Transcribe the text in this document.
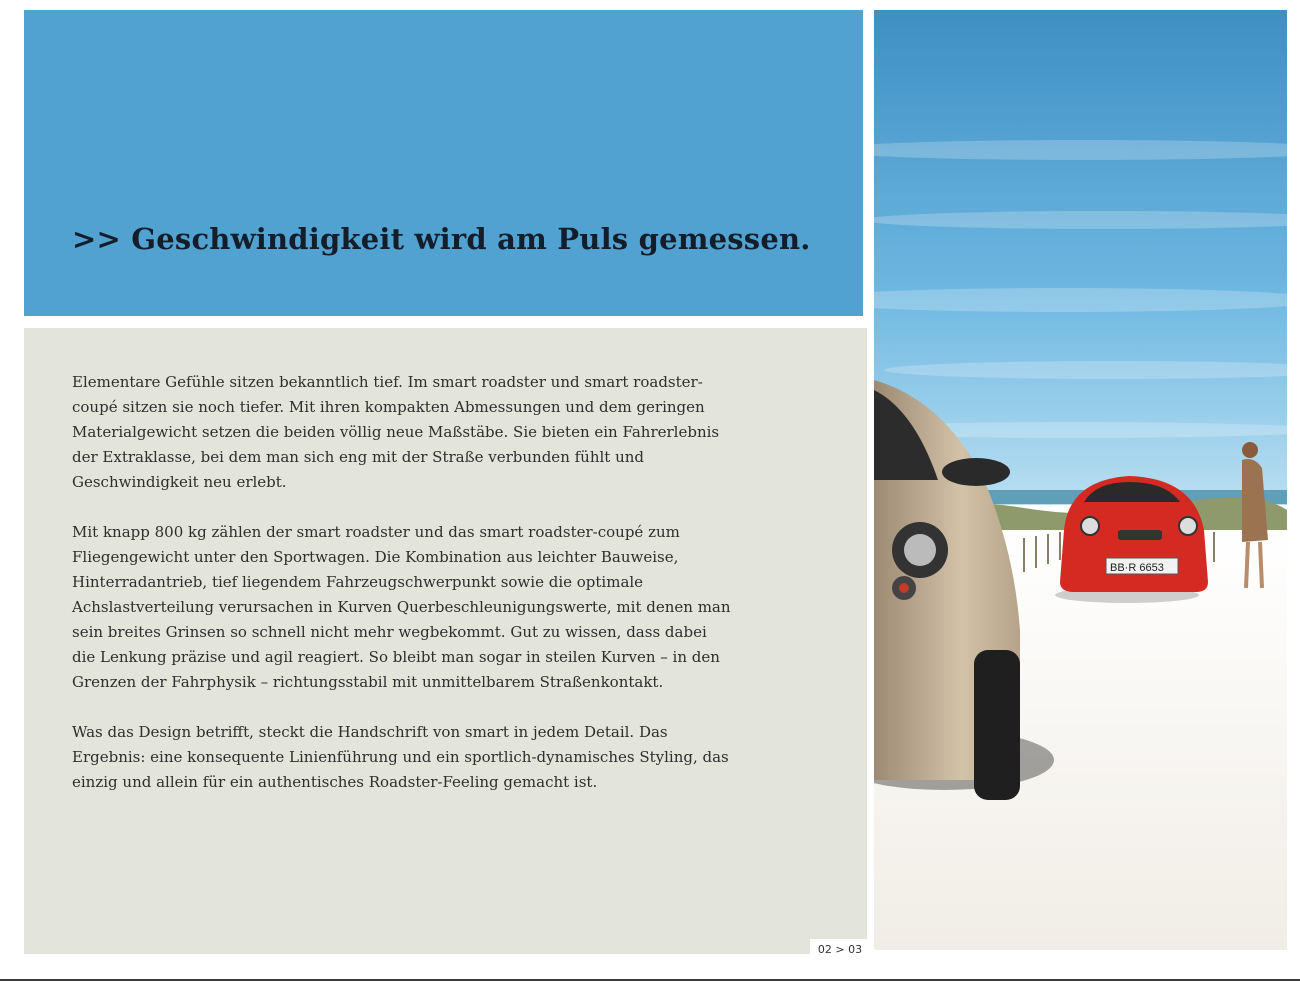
>> Geschwindigkeit wird am Puls gemessen.

Elementare Gefühle sitzen bekanntlich tief. Im smart roadster und smart roadster-coupé sitzen sie noch tiefer. Mit ihren kompakten Abmessungen und dem geringen Materialgewicht setzen die beiden völlig neue Maßstäbe. Sie bieten ein Fahrerlebnis der Extraklasse, bei dem man sich eng mit der Straße verbunden fühlt und Geschwindigkeit neu erlebt.

Mit knapp 800 kg zählen der smart roadster und das smart roadster-coupé zum Fliegengewicht unter den Sportwagen. Die Kombination aus leichter Bauweise, Hinterradantrieb, tief liegendem Fahrzeugschwerpunkt sowie die optimale Achslastverteilung verursachen in Kurven Querbeschleunigungswerte, mit denen man sein breites Grinsen so schnell nicht mehr wegbekommt. Gut zu wissen, dass dabei die Lenkung präzise und agil reagiert. So bleibt man sogar in steilen Kurven – in den Grenzen der Fahrphysik – richtungsstabil mit unmittelbarem Straßenkontakt.

Was das Design betrifft, steckt die Handschrift von smart in jedem Detail. Das Ergebnis: eine konsequente Linienführung und ein sportlich-dynamisches Styling, das einzig und allein für ein authentisches Roadster-Feeling gemacht ist.

02 > 03
BB·R 6653
